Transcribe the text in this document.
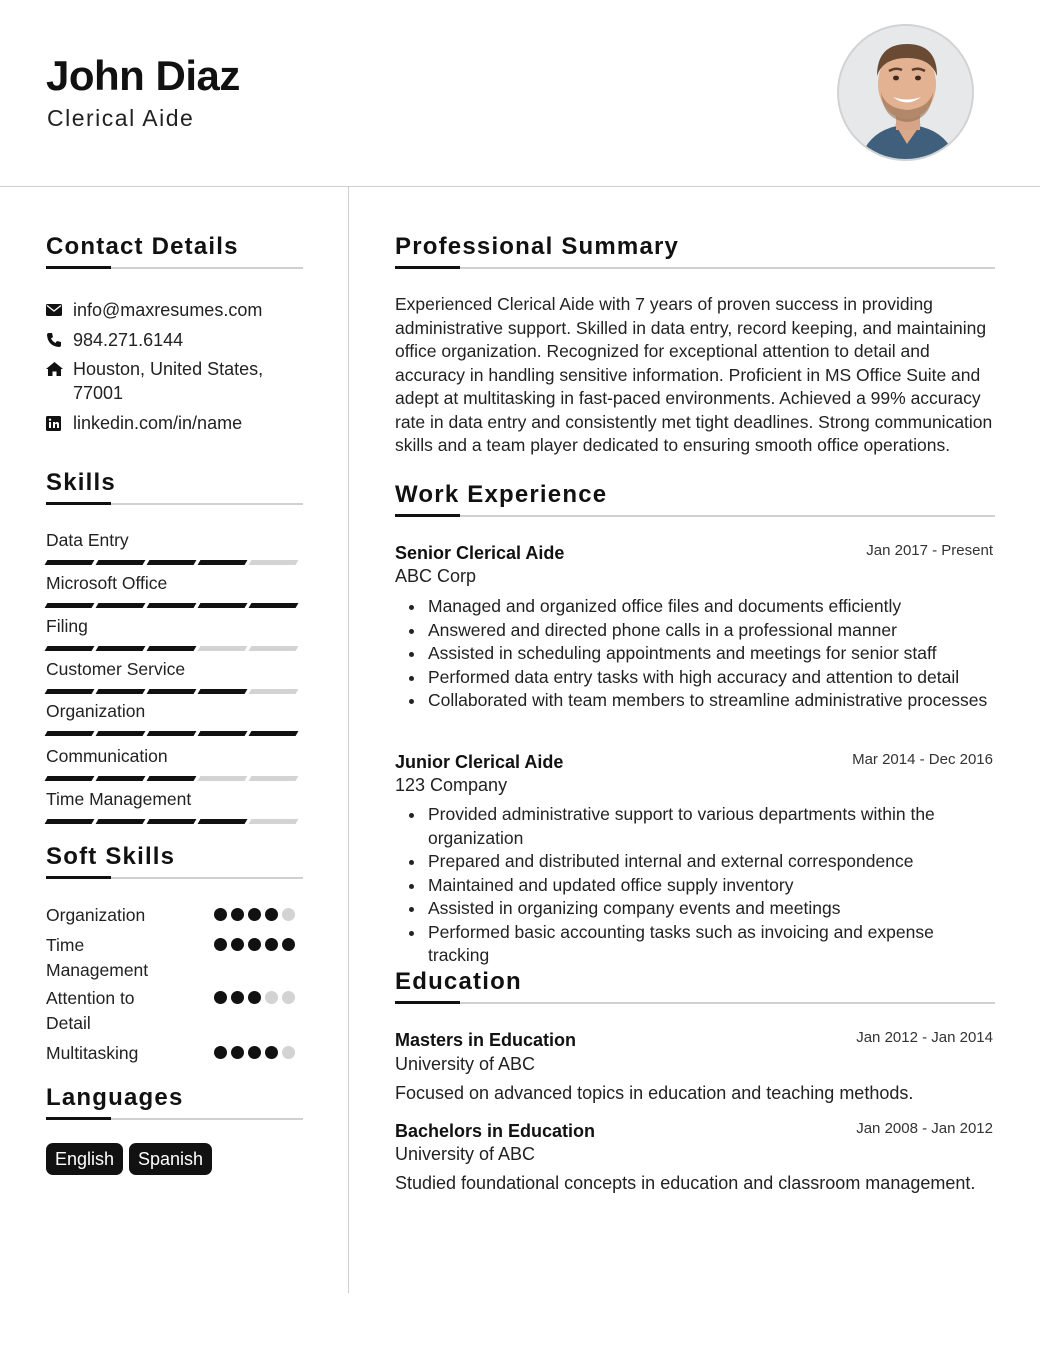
John Diaz
Clerical Aide
Contact Details
info@maxresumes.com
984.271.6144
Houston, United States, 77001
linkedin.com/in/name
Skills
Data Entry
Microsoft Office
Filing
Customer Service
Organization
Communication
Time Management
Soft Skills
Organization
Time Management
Attention to Detail
Multitasking
Languages
English	Spanish
Professional Summary
Experienced Clerical Aide with 7 years of proven success in providing administrative support. Skilled in data entry, record keeping, and maintaining office organization. Recognized for exceptional attention to detail and accuracy in handling sensitive information. Proficient in MS Office Suite and adept at multitasking in fast-paced environments. Achieved a 99% accuracy rate in data entry and consistently met tight deadlines. Strong communication skills and a team player dedicated to ensuring smooth office operations.
Work Experience
Senior Clerical Aide	Jan 2017 - Present
ABC Corp
Managed and organized office files and documents efficiently
Answered and directed phone calls in a professional manner
Assisted in scheduling appointments and meetings for senior staff
Performed data entry tasks with high accuracy and attention to detail
Collaborated with team members to streamline administrative processes
Junior Clerical Aide	Mar 2014 - Dec 2016
123 Company
Provided administrative support to various departments within the organization
Prepared and distributed internal and external correspondence
Maintained and updated office supply inventory
Assisted in organizing company events and meetings
Performed basic accounting tasks such as invoicing and expense tracking
Education
Masters in Education	Jan 2012 - Jan 2014
University of ABC
Focused on advanced topics in education and teaching methods.
Bachelors in Education	Jan 2008 - Jan 2012
University of ABC
Studied foundational concepts in education and classroom management.
